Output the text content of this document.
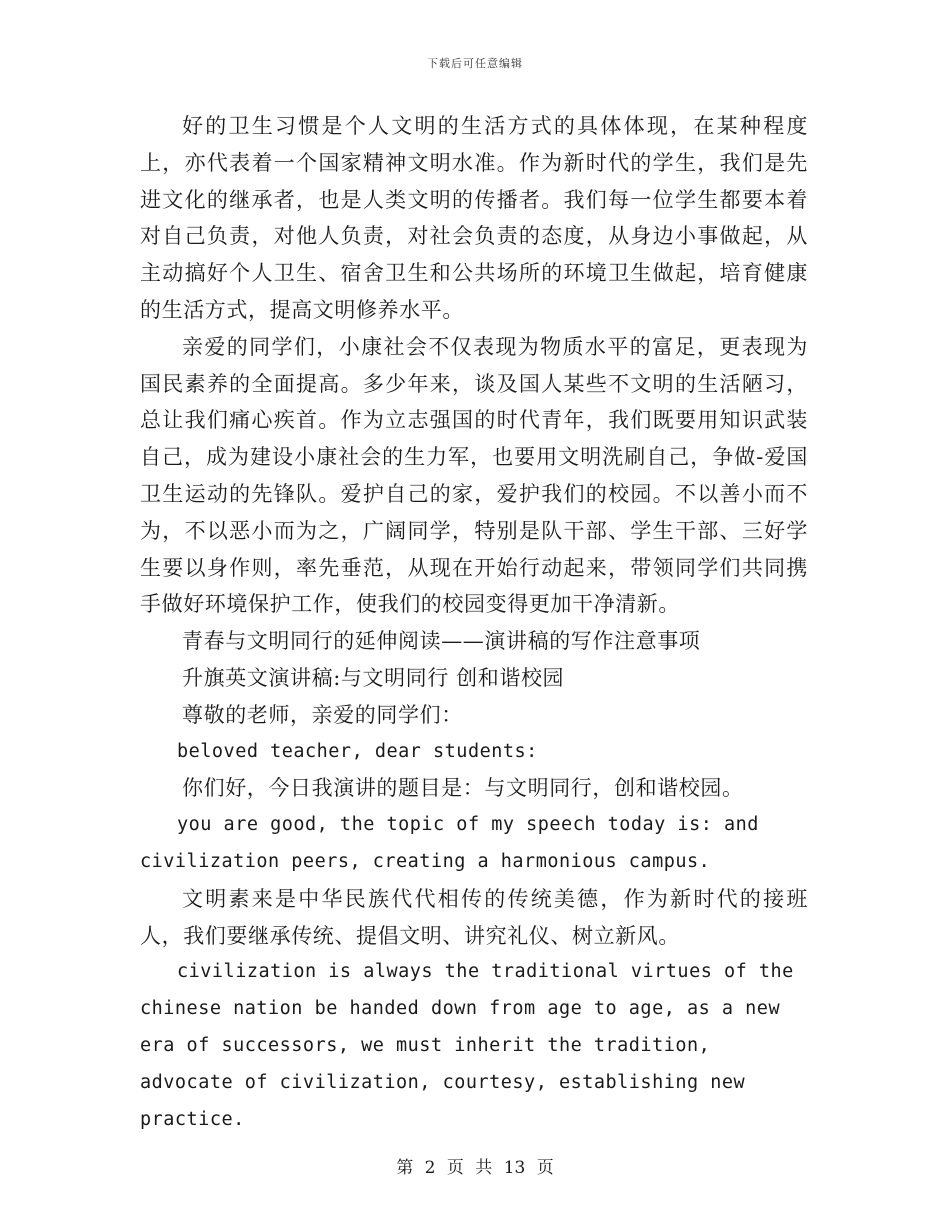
下载后可任意编辑

好的卫生习惯是个人文明的生活方式的具体体现，在某种程度上，亦代表着一个国家精神文明水准。作为新时代的学生，我们是先进文化的继承者，也是人类文明的传播者。我们每一位学生都要本着对自己负责，对他人负责，对社会负责的态度，从身边小事做起，从主动搞好个人卫生、宿舍卫生和公共场所的环境卫生做起，培育健康的生活方式，提高文明修养水平。

亲爱的同学们，小康社会不仅表现为物质水平的富足，更表现为国民素养的全面提高。多少年来，谈及国人某些不文明的生活陋习，总让我们痛心疾首。作为立志强国的时代青年，我们既要用知识武装自己，成为建设小康社会的生力军，也要用文明洗刷自己，争做-爱国卫生运动的先锋队。爱护自己的家，爱护我们的校园。不以善小而不为，不以恶小而为之，广阔同学，特别是队干部、学生干部、三好学生要以身作则，率先垂范，从现在开始行动起来，带领同学们共同携手做好环境保护工作，使我们的校园变得更加干净清新。

青春与文明同行的延伸阅读——演讲稿的写作注意事项

升旗英文演讲稿:与文明同行 创和谐校园

尊敬的老师，亲爱的同学们：

beloved teacher, dear students:

你们好，今日我演讲的题目是：与文明同行，创和谐校园。

you are good, the topic of my speech today is: and civilization peers, creating a harmonious campus.

文明素来是中华民族代代相传的传统美德，作为新时代的接班人，我们要继承传统、提倡文明、讲究礼仪、树立新风。

civilization is always the traditional virtues of the chinese nation be handed down from age to age, as a new era of successors, we must inherit the tradition, advocate of civilization, courtesy, establishing new practice.

第 2 页 共 13 页
